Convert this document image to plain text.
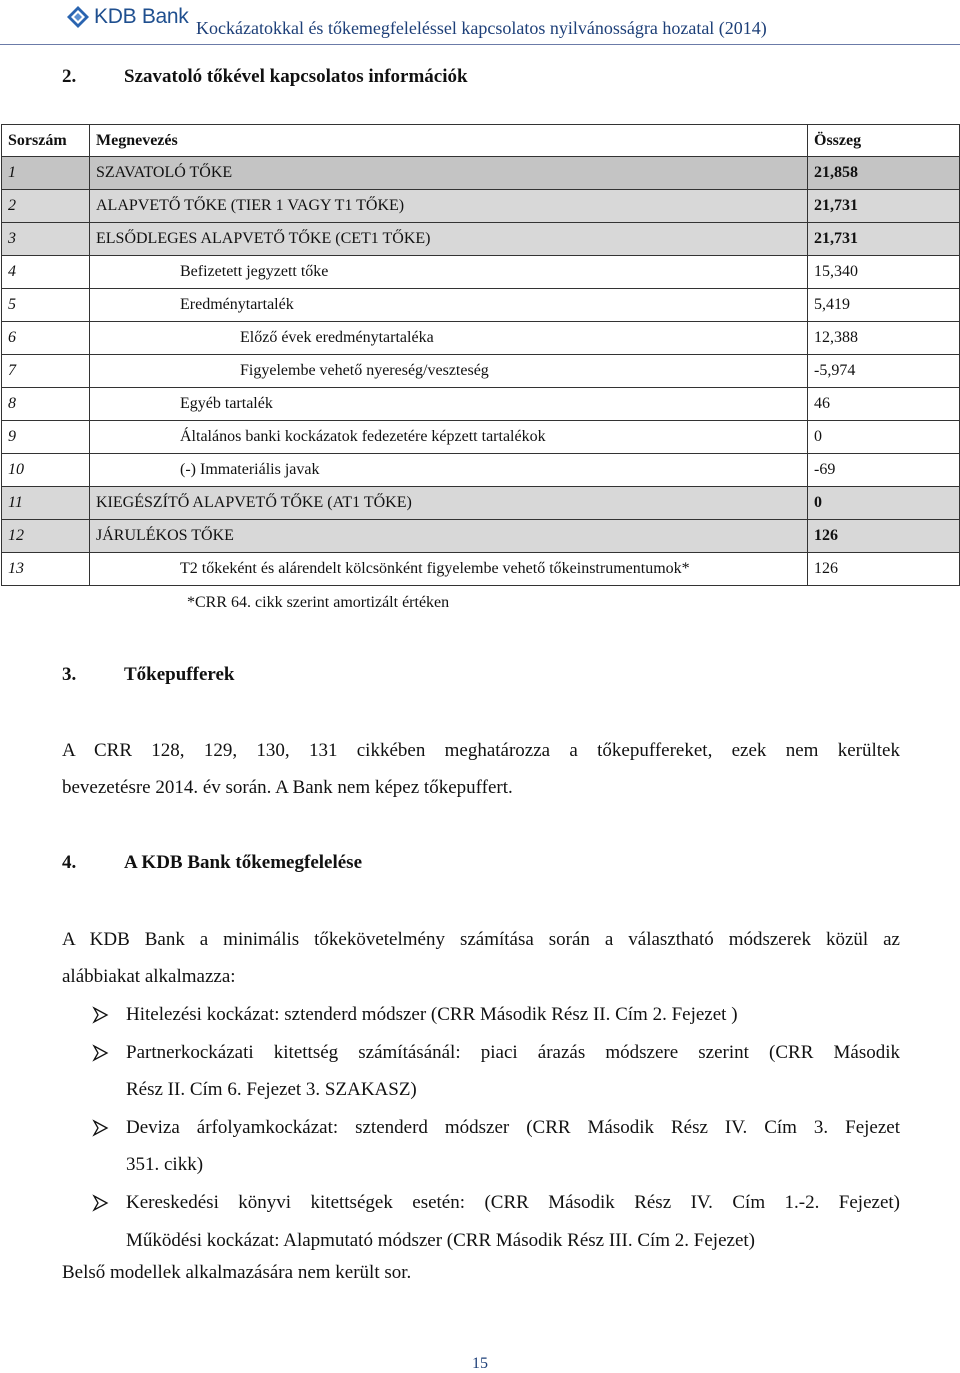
KDB Bank Kockázatokkal és tőkemegfeleléssel kapcsolatos nyilvánosságra hozatal (2014)
2.	Szavatoló tőkével kapcsolatos információk
Sorszám	Megnevezés	Összeg
1	SZAVATOLÓ TŐKE	21,858
2	ALAPVETŐ TŐKE (TIER 1 VAGY T1 TŐKE)	21,731
3	ELSŐDLEGES ALAPVETŐ TŐKE (CET1 TŐKE)	21,731
4	Befizetett jegyzett tőke	15,340
5	Eredménytartalék	5,419
6	Előző évek eredménytartaléka	12,388
7	Figyelembe vehető nyereség/veszteség	-5,974
8	Egyéb tartalék	46
9	Általános banki kockázatok fedezetére képzett tartalékok	0
10	(-) Immateriális javak	-69
11	KIEGÉSZÍTŐ ALAPVETŐ TŐKE (AT1 TŐKE)	0
12	JÁRULÉKOS TŐKE	126
13	T2 tőkeként és alárendelt kölcsönként figyelembe vehető tőkeinstrumentumok*	126
*CRR 64. cikk szerint amortizált értéken
3.	Tőkepufferek
A CRR 128, 129, 130, 131 cikkében meghatározza a tőkepuffereket, ezek nem kerültek
bevezetésre 2014. év során. A Bank nem képez tőkepuffert.
4.	A KDB Bank tőkemegfelelése
A KDB Bank a minimális tőkekövetelmény számítása során a választható módszerek közül az
alábbiakat alkalmazza:
Hitelezési kockázat: sztenderd módszer (CRR Második Rész II. Cím 2. Fejezet )
Partnerkockázati kitettség számításánál: piaci árazás módszere szerint (CRR Második
Rész II. Cím 6. Fejezet 3. SZAKASZ)
Deviza árfolyamkockázat: sztenderd módszer (CRR Második Rész IV. Cím 3. Fejezet
351. cikk)
Kereskedési könyvi kitettségek esetén: (CRR Második Rész IV. Cím 1.-2. Fejezet)
Működési kockázat: Alapmutató módszer (CRR Második Rész III. Cím 2. Fejezet)
Belső modellek alkalmazására nem került sor.
15
